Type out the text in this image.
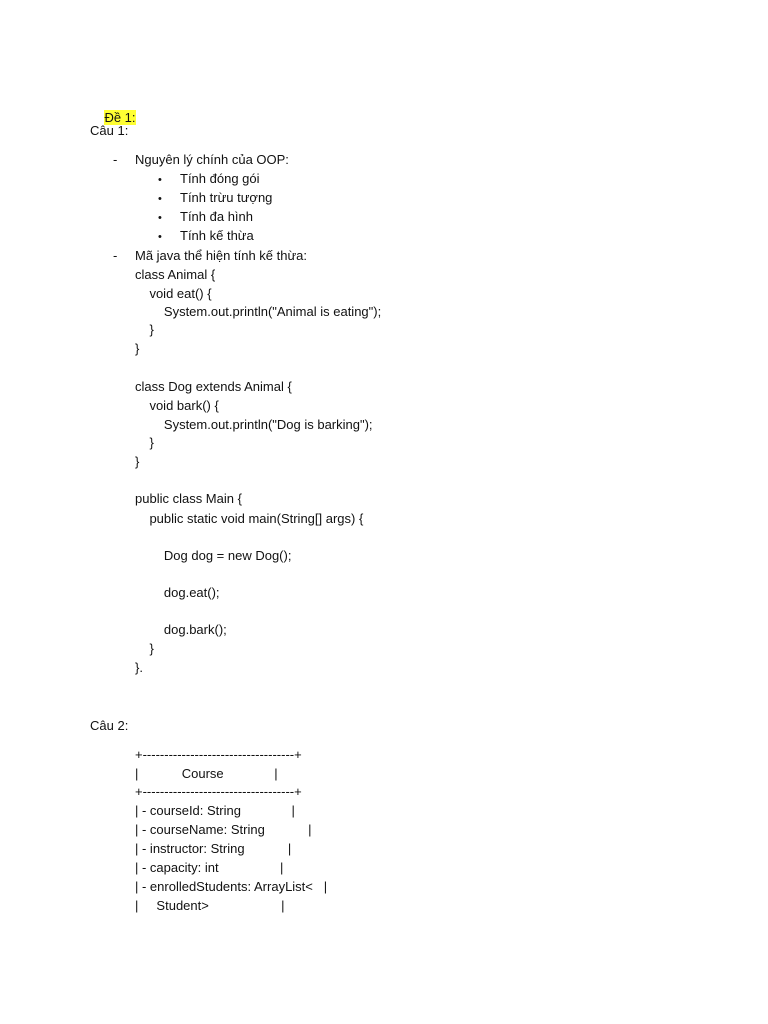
Đề 1:

Câu 1:
- Nguyên lý chính của OOP:
• Tính đóng gói
• Tính trừu tượng
• Tính đa hình
• Tính kế thừa
- Mã java thể hiện tính kế thừa:
class Animal {
void eat() {
System.out.println("Animal is eating");
}
}
class Dog extends Animal {
void bark() {
System.out.println("Dog is barking");
}
}
public class Main {
public static void main(String[] args) {
Dog dog = new Dog();
dog.eat();
dog.bark();
}
}.
Câu 2:
+-----------------------------------+
|            Course              |
+-----------------------------------+
| - courseId: String              |
| - courseName: String            |
| - instructor: String            |
| - capacity: int                 |
| - enrolledStudents: ArrayList<   |
|     Student>                    |
